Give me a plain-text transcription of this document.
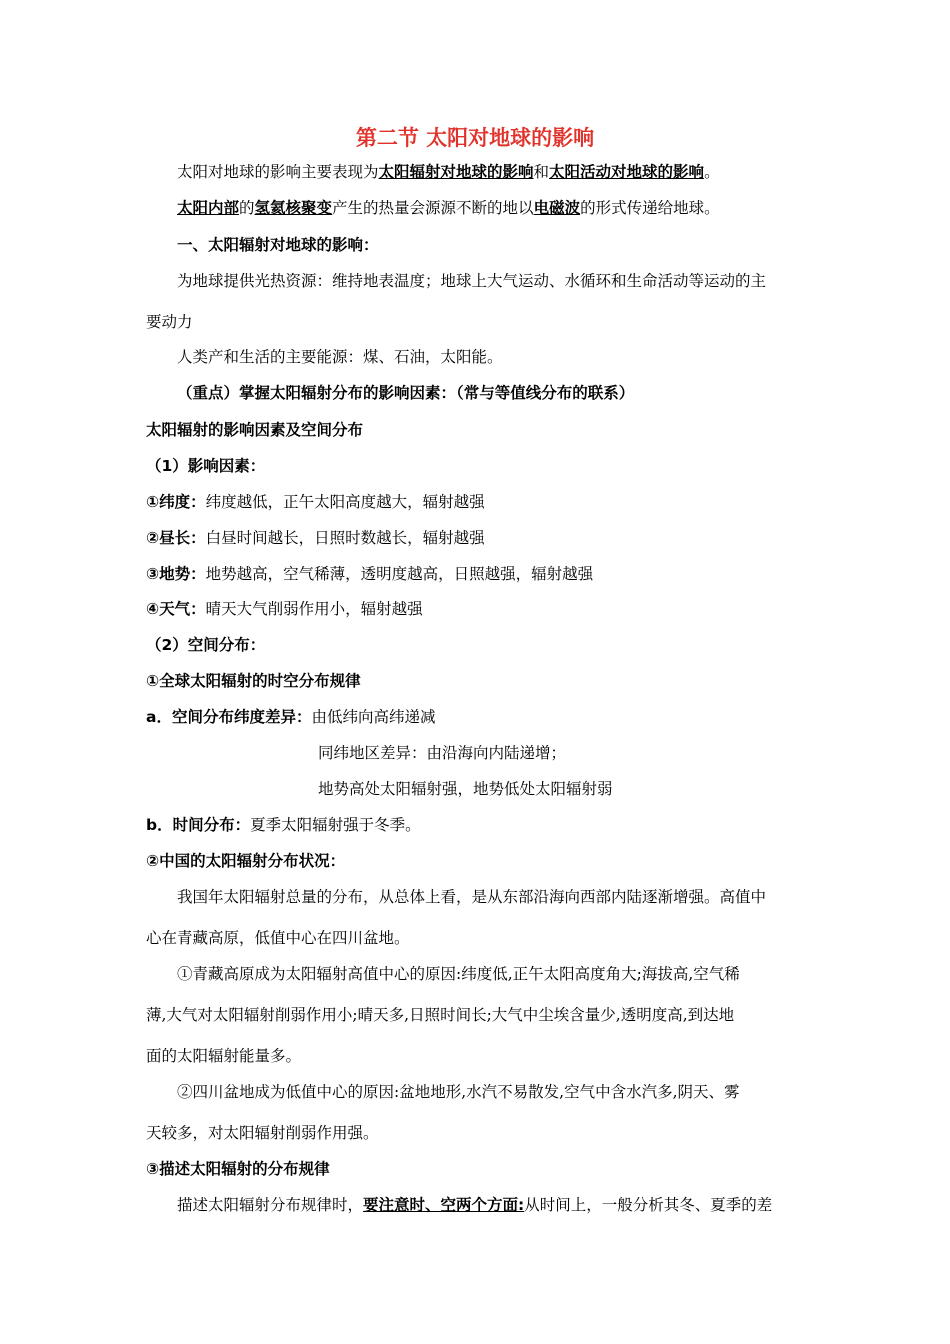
第二节 太阳对地球的影响
太阳对地球的影响主要表现为太阳辐射对地球的影响和太阳活动对地球的影响。
太阳内部的氢氦核聚变产生的热量会源源不断的地以电磁波的形式传递给地球。
一、太阳辐射对地球的影响：
为地球提供光热资源：维持地表温度；地球上大气运动、水循环和生命活动等运动的主
要动力
人类产和生活的主要能源：煤、石油，太阳能。
（重点）掌握太阳辐射分布的影响因素：（常与等值线分布的联系）
太阳辐射的影响因素及空间分布
（1）影响因素：
①纬度：纬度越低，正午太阳高度越大，辐射越强
②昼长：白昼时间越长，日照时数越长，辐射越强
③地势：地势越高，空气稀薄，透明度越高，日照越强，辐射越强
④天气：晴天大气削弱作用小，辐射越强
（2）空间分布：
①全球太阳辐射的时空分布规律
a．空间分布纬度差异：由低纬向高纬递减
同纬地区差异：由沿海向内陆递增；
地势高处太阳辐射强，地势低处太阳辐射弱
b．时间分布：夏季太阳辐射强于冬季。
②中国的太阳辐射分布状况：
我国年太阳辐射总量的分布，从总体上看，是从东部沿海向西部内陆逐渐增强。高值中
心在青藏高原，低值中心在四川盆地。
①青藏高原成为太阳辐射高值中心的原因:纬度低,正午太阳高度角大;海拔高,空气稀
薄,大气对太阳辐射削弱作用小;晴天多,日照时间长;大气中尘埃含量少,透明度高,到达地
面的太阳辐射能量多。
②四川盆地成为低值中心的原因:盆地地形,水汽不易散发,空气中含水汽多,阴天、雾
天较多，对太阳辐射削弱作用强。
③描述太阳辐射的分布规律
描述太阳辐射分布规律时，要注意时、空两个方面:从时间上，一般分析其冬、夏季的差
